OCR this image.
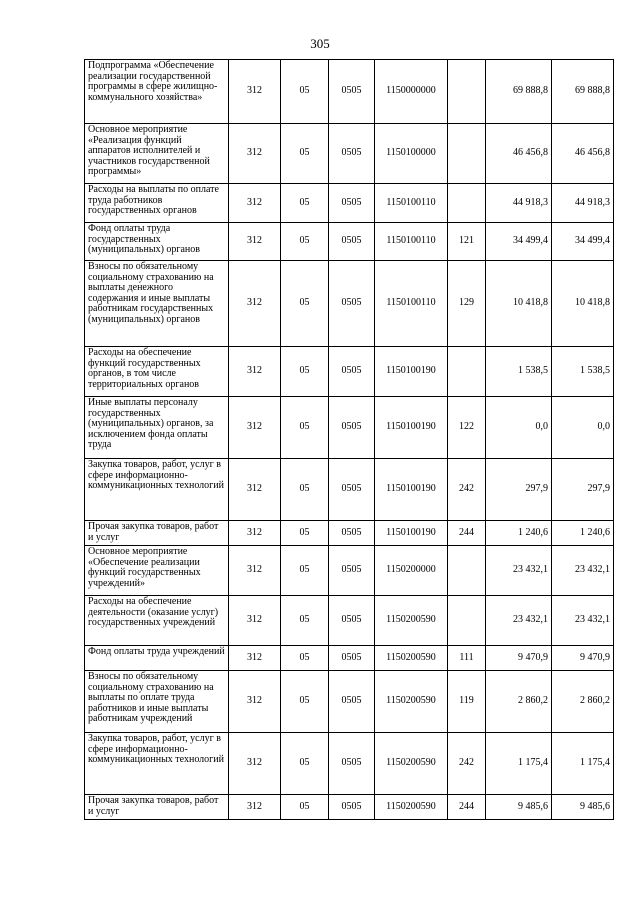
305
Подпрограмма «Обеспечение реализации государственной программы в сфере жилищно-коммунального хозяйства»	312	05	0505	1150000000		69 888,8	69 888,8
Основное мероприятие «Реализация функций аппаратов исполнителей и участников государственной программы»	312	05	0505	1150100000		46 456,8	46 456,8
Расходы на выплаты по оплате труда работников государственных органов	312	05	0505	1150100110		44 918,3	44 918,3
Фонд оплаты труда государственных (муниципальных) органов	312	05	0505	1150100110	121	34 499,4	34 499,4
Взносы по обязательному социальному страхованию на выплаты денежного содержания и иные выплаты работникам государственных (муниципальных) органов	312	05	0505	1150100110	129	10 418,8	10 418,8
Расходы на обеспечение функций государственных органов, в том числе территориальных органов	312	05	0505	1150100190		1 538,5	1 538,5
Иные выплаты персоналу государственных (муниципальных) органов, за исключением фонда оплаты труда	312	05	0505	1150100190	122	0,0	0,0
Закупка товаров, работ, услуг в сфере информационно-коммуникационных технологий	312	05	0505	1150100190	242	297,9	297,9
Прочая закупка товаров, работ и услуг	312	05	0505	1150100190	244	1 240,6	1 240,6
Основное мероприятие «Обеспечение реализации функций государственных учреждений»	312	05	0505	1150200000		23 432,1	23 432,1
Расходы на обеспечение деятельности (оказание услуг) государственных учреждений	312	05	0505	1150200590		23 432,1	23 432,1
Фонд оплаты труда учреждений	312	05	0505	1150200590	111	9 470,9	9 470,9
Взносы по обязательному социальному страхованию на выплаты по оплате труда работников и иные выплаты работникам учреждений	312	05	0505	1150200590	119	2 860,2	2 860,2
Закупка товаров, работ, услуг в сфере информационно-коммуникационных технологий	312	05	0505	1150200590	242	1 175,4	1 175,4
Прочая закупка товаров, работ и услуг	312	05	0505	1150200590	244	9 485,6	9 485,6
